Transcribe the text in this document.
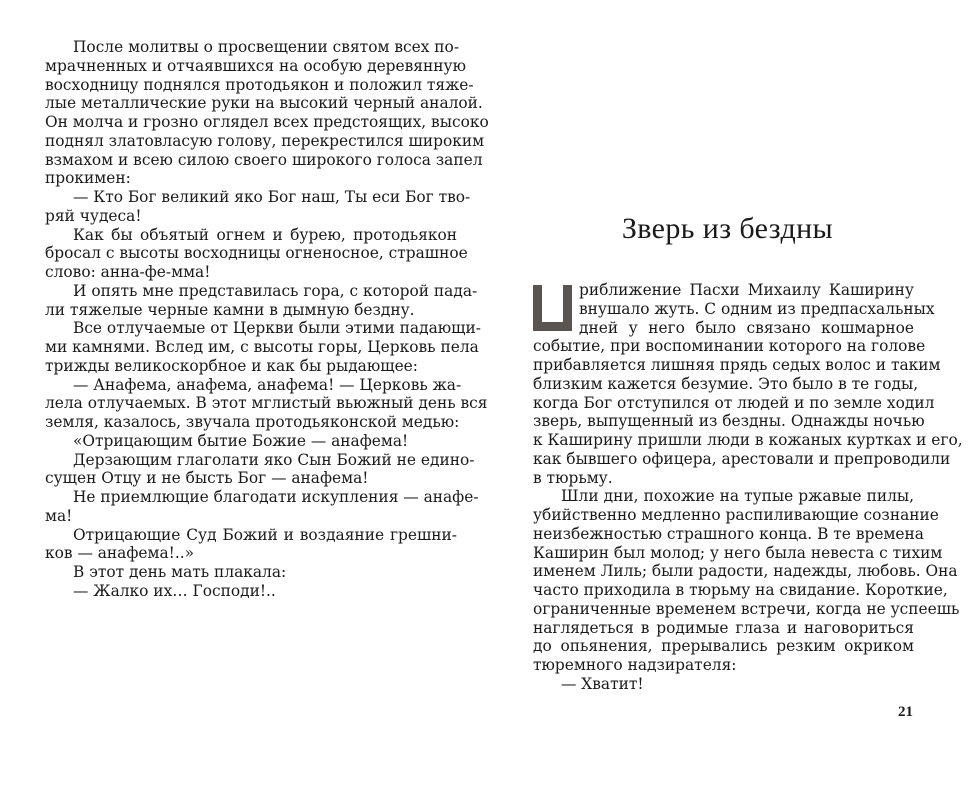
После молитвы о просвещении святом всех по-
мрачненных и отчаявшихся на особую деревянную
восходницу поднялся протодьякон и положил тяже-
лые металлические руки на высокий черный аналой.
Он молча и грозно оглядел всех предстоящих, высоко
поднял златовласую голову, перекрестился широким
взмахом и всею силою своего широкого голоса запел
прокимен:
— Кто Бог великий яко Бог наш, Ты еси Бог тво-
ряй чудеса!
Как бы объятый огнем и бурею, протодьякон
бросал с высоты восходницы огненосное, страшное
слово: анна-фе-мма!
И опять мне представилась гора, с которой пада-
ли тяжелые черные камни в дымную бездну.
Все отлучаемые от Церкви были этими падающи-
ми камнями. Вслед им, с высоты горы, Церковь пела
трижды великоскорбное и как бы рыдающее:
— Анафема, анафема, анафема! — Церковь жа-
лела отлучаемых. В этот мглистый вьюжный день вся
земля, казалось, звучала протодьяконской медью:
«Отрицающим бытие Божие — анафема!
Дерзающим глаголати яко Сын Божий не едино-
сущен Отцу и не бысть Бог — анафема!
Не приемлющие благодати искупления — анафе-
ма!
Отрицающие Суд Божий и воздаяние грешни-
ков — анафема!..»
В этот день мать плакала:
— Жалко их… Господи!..
Зверь из бездны
риближение Пасхи Михаилу Каширину
внушало жуть. С одним из предпасхальных
дней у него было связано кошмарное
событие, при воспоминании которого на голове
прибавляется лишняя прядь седых волос и таким
близким кажется безумие. Это было в те годы,
когда Бог отступился от людей и по земле ходил
зверь, выпущенный из бездны. Однажды ночью
к Каширину пришли люди в кожаных куртках и его,
как бывшего офицера, арестовали и препроводили
в тюрьму.
Шли дни, похожие на тупые ржавые пилы,
убийственно медленно распиливающие сознание
неизбежностью страшного конца. В те времена
Каширин был молод; у него была невеста с тихим
именем Лиль; были радости, надежды, любовь. Она
часто приходила в тюрьму на свидание. Короткие,
ограниченные временем встречи, когда не успеешь
наглядеться в родимые глаза и наговориться
до опьянения, прерывались резким окриком
тюремного надзирателя:
— Хватит!
21
